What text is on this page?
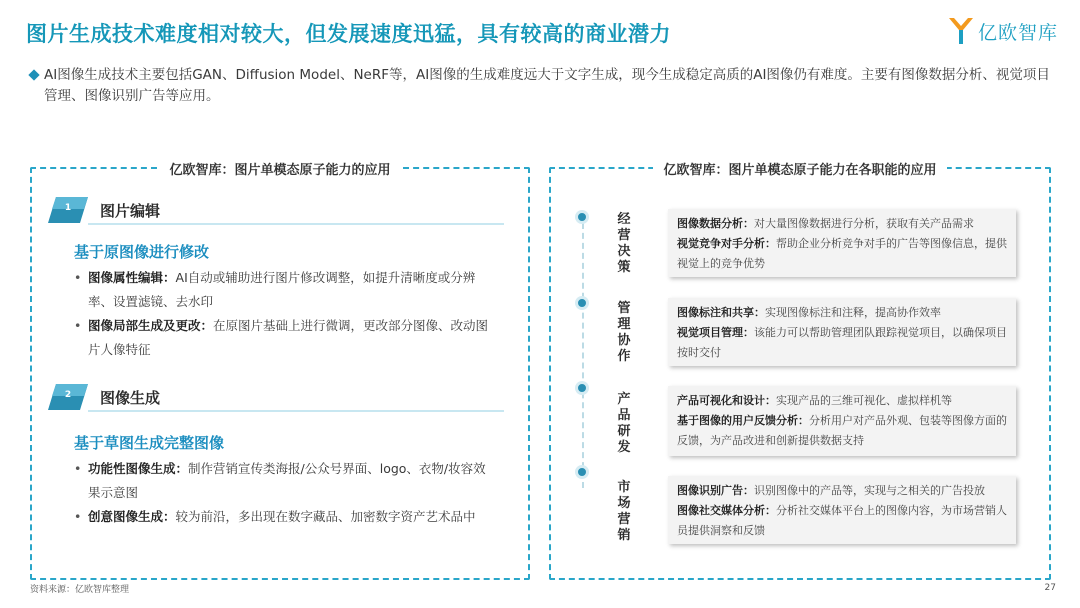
图片生成技术难度相对较大，但发展速度迅猛，具有较高的商业潜力	亿欧智库
AI图像生成技术主要包括GAN、Diffusion Model、NeRF等，AI图像的生成难度远大于文字生成，现今生成稳定高质的AI图像仍有难度。主要有图像数据分析、视觉项目管理、图像识别广告等应用。
亿欧智库：图片单模态原子能力的应用
1	图片编辑
基于原图像进行修改
• 图像属性编辑：AI自动或辅助进行图片修改调整，如提升清晰度或分辨率、设置滤镜、去水印
• 图像局部生成及更改：在原图片基础上进行微调，更改部分图像、改动图片人像特征
2	图像生成
基于草图生成完整图像
• 功能性图像生成：制作营销宣传类海报/公众号界面、logo、衣物/妆容效果示意图
• 创意图像生成：较为前沿，多出现在数字藏品、加密数字资产艺术品中
亿欧智库：图片单模态原子能力在各职能的应用
经营决策
图像数据分析：对大量图像数据进行分析，获取有关产品需求
视觉竞争对手分析：帮助企业分析竞争对手的广告等图像信息，提供视觉上的竞争优势
管理协作
图像标注和共享：实现图像标注和注释，提高协作效率
视觉项目管理：该能力可以帮助管理团队跟踪视觉项目，以确保项目按时交付
产品研发
产品可视化和设计：实现产品的三维可视化、虚拟样机等
基于图像的用户反馈分析：分析用户对产品外观、包装等图像方面的反馈，为产品改进和创新提供数据支持
市场营销
图像识别广告：识别图像中的产品等，实现与之相关的广告投放
图像社交媒体分析：分析社交媒体平台上的图像内容，为市场营销人员提供洞察和反馈
资料来源：亿欧智库整理	27
